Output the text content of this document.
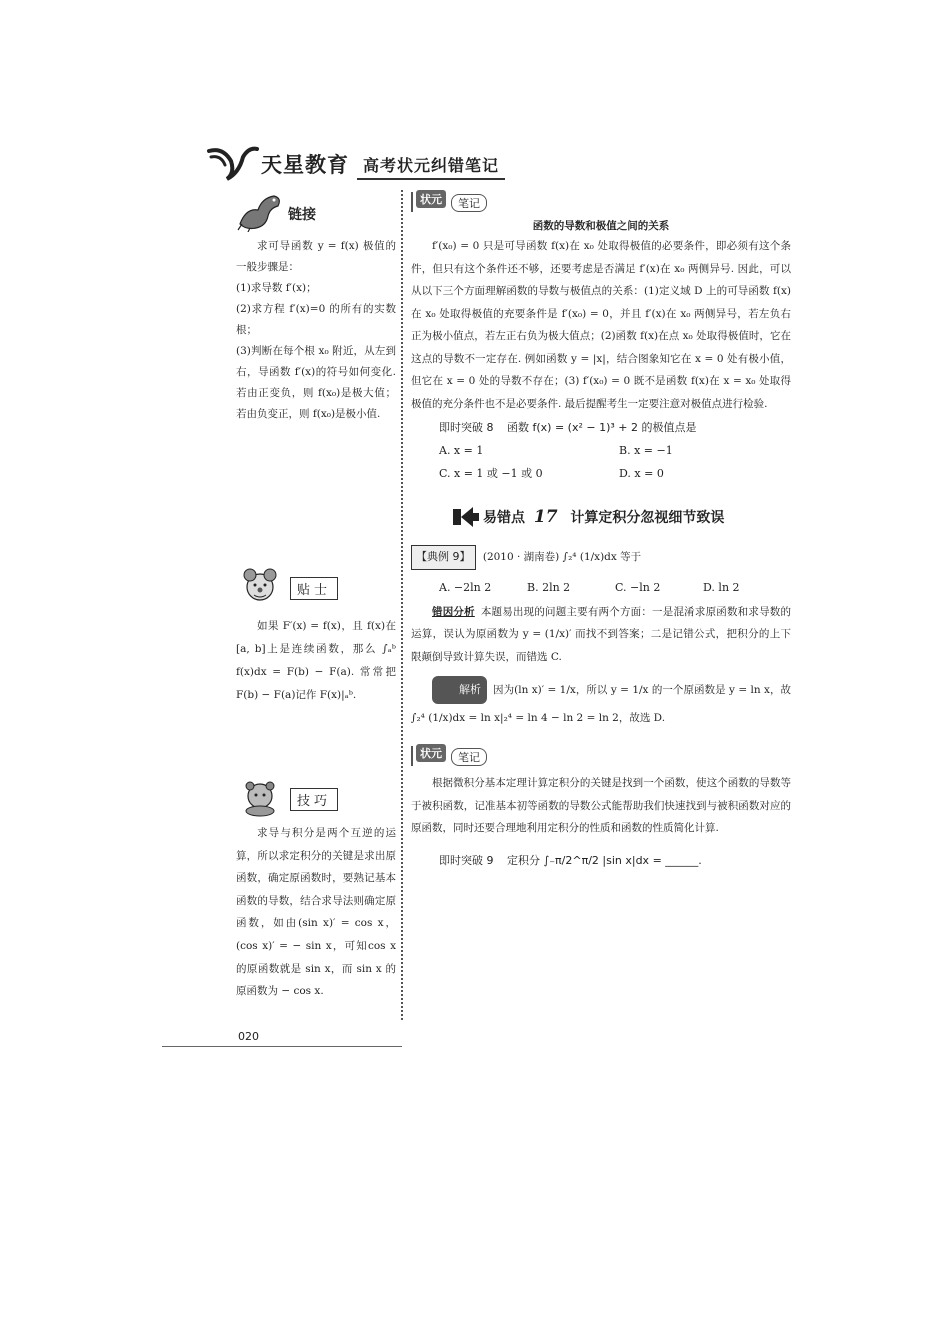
天星教育 高考状元纠错笔记
链接

求可导函数 y = f(x) 极值的一般步骤是：

(1)求导数 f′(x)；

(2)求方程 f′(x)=0 的所有的实数根；

(3)判断在每个根 x₀ 附近，从左到右，导函数 f′(x)的符号如何变化. 若由正变负，则 f(x₀)是极大值；若由负变正，则 f(x₀)是极小值.

贴士

如果 F′(x) = f(x)，且 f(x)在[a, b]上是连续函数，那么 ∫ₐᵇ f(x)dx = F(b) − F(a). 常常把 F(b) − F(a)记作 F(x)|ₐᵇ.

技巧

求导与积分是两个互逆的运算，所以求定积分的关键是求出原函数，确定原函数时，要熟记基本函数的导数，结合求导法则确定原函数，如由(sin x)′ = cos x，(cos x)′ = − sin x，可知cos x 的原函数就是 sin x，而 sin x 的原函数为 − cos x.

状元	笔记
函数的导数和极值之间的关系

f′(x₀) = 0 只是可导函数 f(x)在 x₀ 处取得极值的必要条件，即必须有这个条件，但只有这个条件还不够，还要考虑是否满足 f′(x)在 x₀ 两侧异号. 因此，可以从以下三个方面理解函数的导数与极值点的关系：(1)定义域 D 上的可导函数 f(x)在 x₀ 处取得极值的充要条件是 f′(x₀) = 0，并且 f′(x)在 x₀ 两侧异号，若左负右正为极小值点，若左正右负为极大值点；(2)函数 f(x)在点 x₀ 处取得极值时，它在这点的导数不一定存在. 例如函数 y = |x|，结合图象知它在 x = 0 处有极小值，但它在 x = 0 处的导数不存在；(3) f′(x₀) = 0 既不是函数 f(x)在 x = x₀ 处取得极值的充分条件也不是必要条件. 最后提醒考生一定要注意对极值点进行检验.

即时突破 8 函数 f(x) = (x² − 1)³ + 2 的极值点是
A. x = 1	B. x = −1
C. x = 1 或 −1 或 0	D. x = 0
易错点 17 计算定积分忽视细节致误

【典例 9】 (2010 · 湖南卷) ∫₂⁴ (1/x)dx 等于

A. −2ln 2	B. 2ln 2	C. −ln 2	D. ln 2

错因分析 本题易出现的问题主要有两个方面：一是混淆求原函数和求导数的运算，误认为原函数为 y = (1/x)′ 而找不到答案；二是记错公式，把积分的上下限颠倒导致计算失误，而错选 C.

解析 因为(ln x)′ = 1/x，所以 y = 1/x 的一个原函数是 y = ln x，故 ∫₂⁴ (1/x)dx = ln x|₂⁴ = ln 4 − ln 2 = ln 2，故选 D.

状元	笔记

根据微积分基本定理计算定积分的关键是找到一个函数，使这个函数的导数等于被积函数，记准基本初等函数的导数公式能帮助我们快速找到与被积函数对应的原函数，同时还要合理地利用定积分的性质和函数的性质简化计算.

即时突破 9 定积分 ∫₋π/2^π/2 |sin x|dx = ______.
020
